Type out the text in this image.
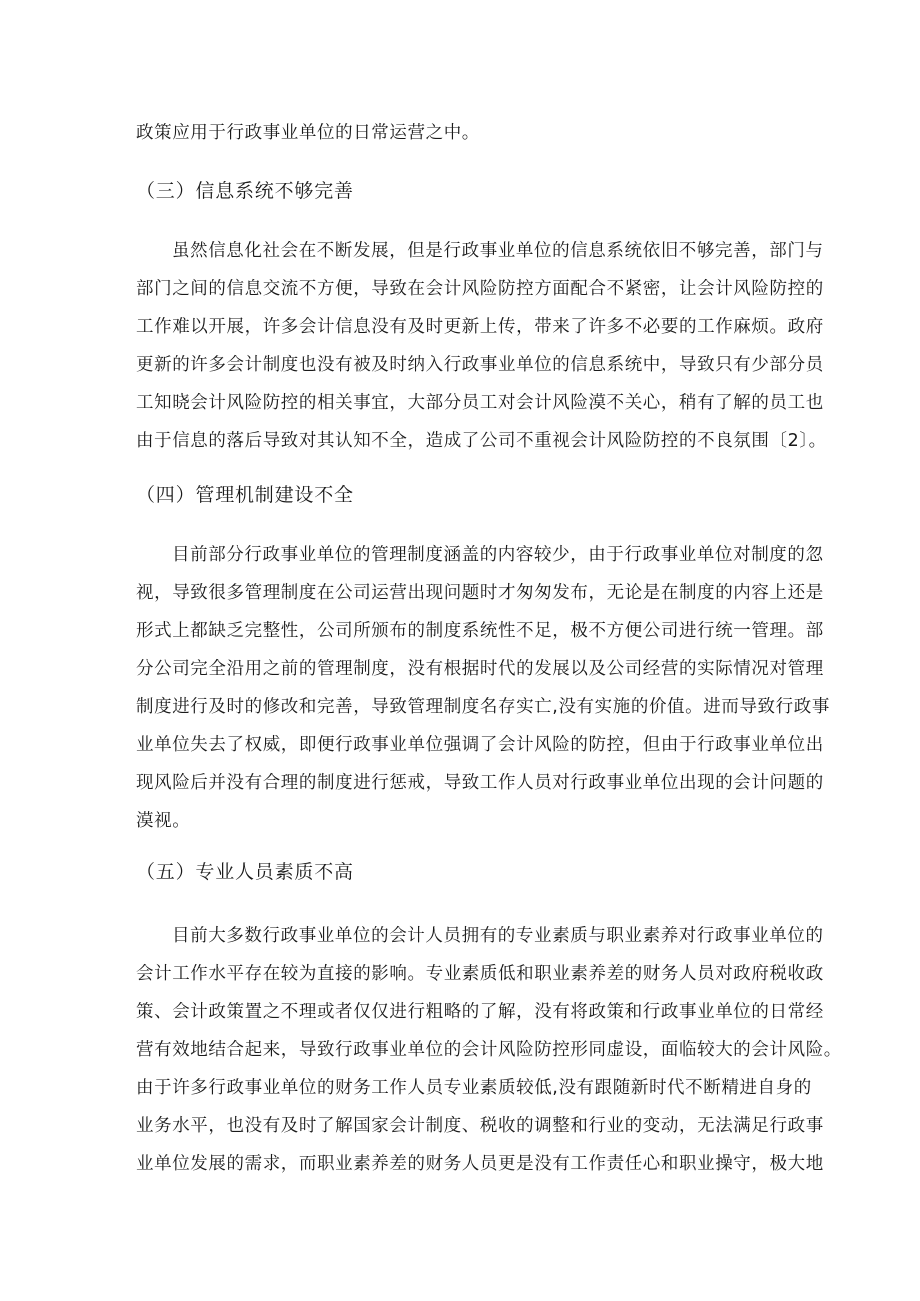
政策应用于行政事业单位的日常运营之中。
（三）信息系统不够完善
虽然信息化社会在不断发展，但是行政事业单位的信息系统依旧不够完善，部门与
部门之间的信息交流不方便，导致在会计风险防控方面配合不紧密，让会计风险防控的
工作难以开展，许多会计信息没有及时更新上传，带来了许多不必要的工作麻烦。政府
更新的许多会计制度也没有被及时纳入行政事业单位的信息系统中，导致只有少部分员
工知晓会计风险防控的相关事宜，大部分员工对会计风险漠不关心，稍有了解的员工也
由于信息的落后导致对其认知不全，造成了公司不重视会计风险防控的不良氛围〔2〕。
（四）管理机制建设不全
目前部分行政事业单位的管理制度涵盖的内容较少，由于行政事业单位对制度的忽
视，导致很多管理制度在公司运营出现问题时才匆匆发布，无论是在制度的内容上还是
形式上都缺乏完整性，公司所颁布的制度系统性不足，极不方便公司进行统一管理。部
分公司完全沿用之前的管理制度，没有根据时代的发展以及公司经营的实际情况对管理
制度进行及时的修改和完善，导致管理制度名存实亡,没有实施的价值。进而导致行政事
业单位失去了权威，即便行政事业单位强调了会计风险的防控，但由于行政事业单位出
现风险后并没有合理的制度进行惩戒，导致工作人员对行政事业单位出现的会计问题的
漠视。
（五）专业人员素质不高
目前大多数行政事业单位的会计人员拥有的专业素质与职业素养对行政事业单位的
会计工作水平存在较为直接的影响。专业素质低和职业素养差的财务人员对政府税收政
策、会计政策置之不理或者仅仅进行粗略的了解，没有将政策和行政事业单位的日常经
营有效地结合起来，导致行政事业单位的会计风险防控形同虚设，面临较大的会计风险。
由于许多行政事业单位的财务工作人员专业素质较低,没有跟随新时代不断精进自身的
业务水平，也没有及时了解国家会计制度、税收的调整和行业的变动，无法满足行政事
业单位发展的需求，而职业素养差的财务人员更是没有工作责任心和职业操守，极大地
